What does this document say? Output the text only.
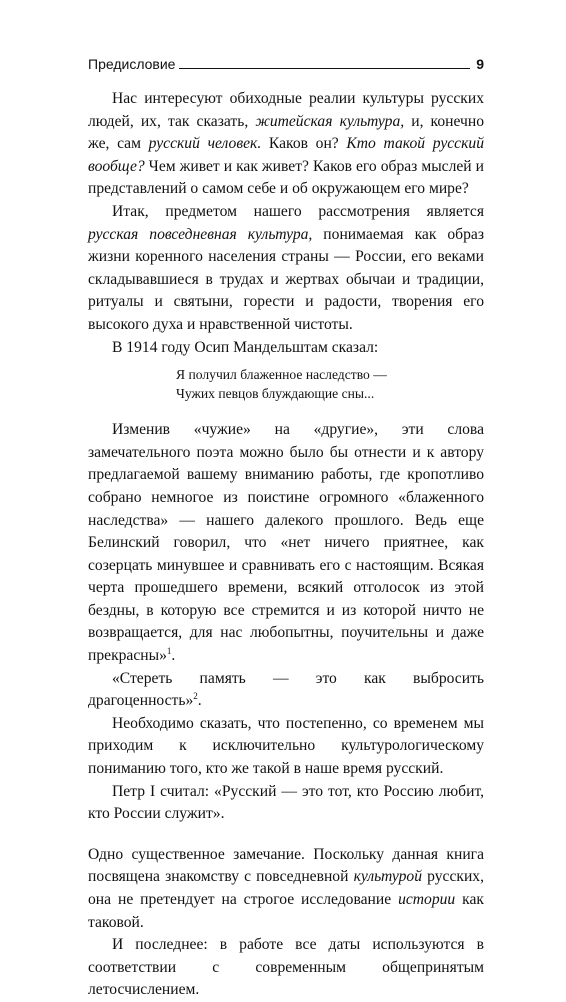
Предисловие	9

Нас интересуют обиходные реалии культуры русских людей, их, так сказать, житейская культура, и, конечно же, сам русский человек. Каков он? Кто такой русский вообще? Чем живет и как живет? Каков его образ мыслей и представлений о самом себе и об окружающем его мире?

Итак, предметом нашего рассмотрения является русская повседневная культура, понимаемая как образ жизни коренного населения страны — России, его веками складывавшиеся в трудах и жертвах обычаи и традиции, ритуалы и святыни, горести и радости, творения его высокого духа и нравственной чистоты.

В 1914 году Осип Мандельштам сказал:

Я получил блаженное наследство —
Чужих певцов блуждающие сны...

Изменив «чужие» на «другие», эти слова замечательного поэта можно было бы отнести и к автору предлагаемой вашему вниманию работы, где кропотливо собрано немногое из поистине огромного «блаженного наследства» — нашего далекого прошлого. Ведь еще Белинский говорил, что «нет ничего приятнее, как созерцать минувшее и сравнивать его с настоящим. Всякая черта прошедшего времени, всякий отголосок из этой бездны, в которую все стремится и из которой ничто не возвращается, для нас любопытны, поучительны и даже прекрасны»$^1$.

«Стереть память — это как выбросить драгоценность»$^2$.

Необходимо сказать, что постепенно, со временем мы приходим к исключительно культурологическому пониманию того, кто же такой в наше время русский.

Петр I считал: «Русский — это тот, кто Россию любит, кто России служит».

Одно существенное замечание. Поскольку данная книга посвящена знакомству с повседневной культурой русских, она не претендует на строгое исследование истории как таковой.

И последнее: в работе все даты используются в соответствии с современным общепринятым летосчислением.
